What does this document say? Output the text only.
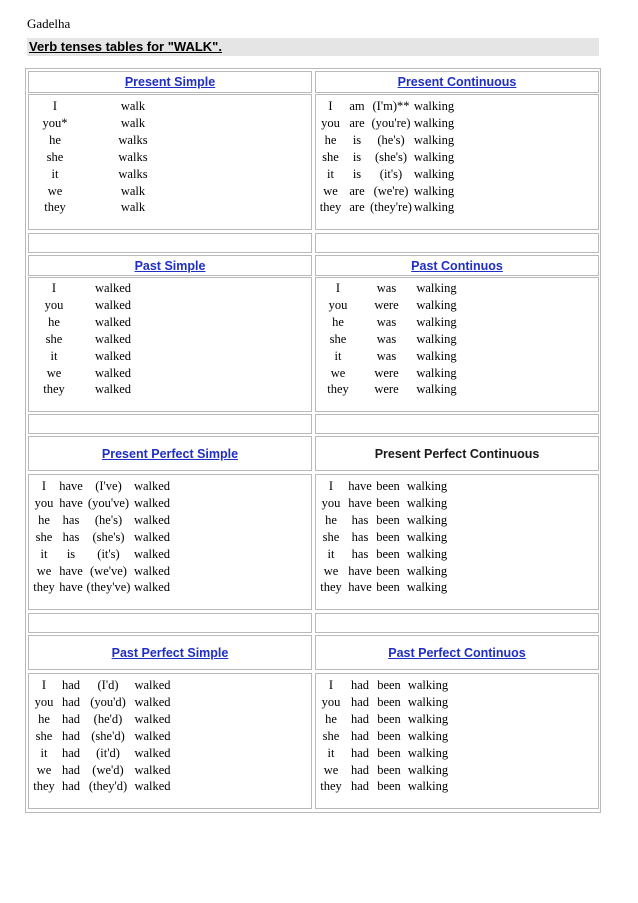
Gadelha
Verb tenses tables for "WALK".
Present Simple	Present Continuous
I	walk
you*	walk
he	walks
she	walks
it	walks
we	walk
they	walk
I	am	(I'm)**	walking
you	are	(you're)	walking
he	is	(he's)	walking
she	is	(she's)	walking
it	is	(it's)	walking
we	are	(we're)	walking
they	are	(they're)	walking
Past Simple	Past Continuos
I	walked
you	walked
he	walked
she	walked
it	walked
we	walked
they	walked
I	was	walking
you	were	walking
he	was	walking
she	was	walking
it	was	walking
we	were	walking
they	were	walking
Present Perfect Simple	Present Perfect Continuous
I	have	(I've)	walked
you	have	(you've)	walked
he	has	(he's)	walked
she	has	(she's)	walked
it	is	(it's)	walked
we	have	(we've)	walked
they	have	(they've)	walked
I	have	been	walking
you	have	been	walking
he	has	been	walking
she	has	been	walking
it	has	been	walking
we	have	been	walking
they	have	been	walking
Past Perfect Simple	Past Perfect Continuos
I	had	(I'd)	walked
you	had	(you'd)	walked
he	had	(he'd)	walked
she	had	(she'd)	walked
it	had	(it'd)	walked
we	had	(we'd)	walked
they	had	(they'd)	walked
I	had	been	walking
you	had	been	walking
he	had	been	walking
she	had	been	walking
it	had	been	walking
we	had	been	walking
they	had	been	walking
